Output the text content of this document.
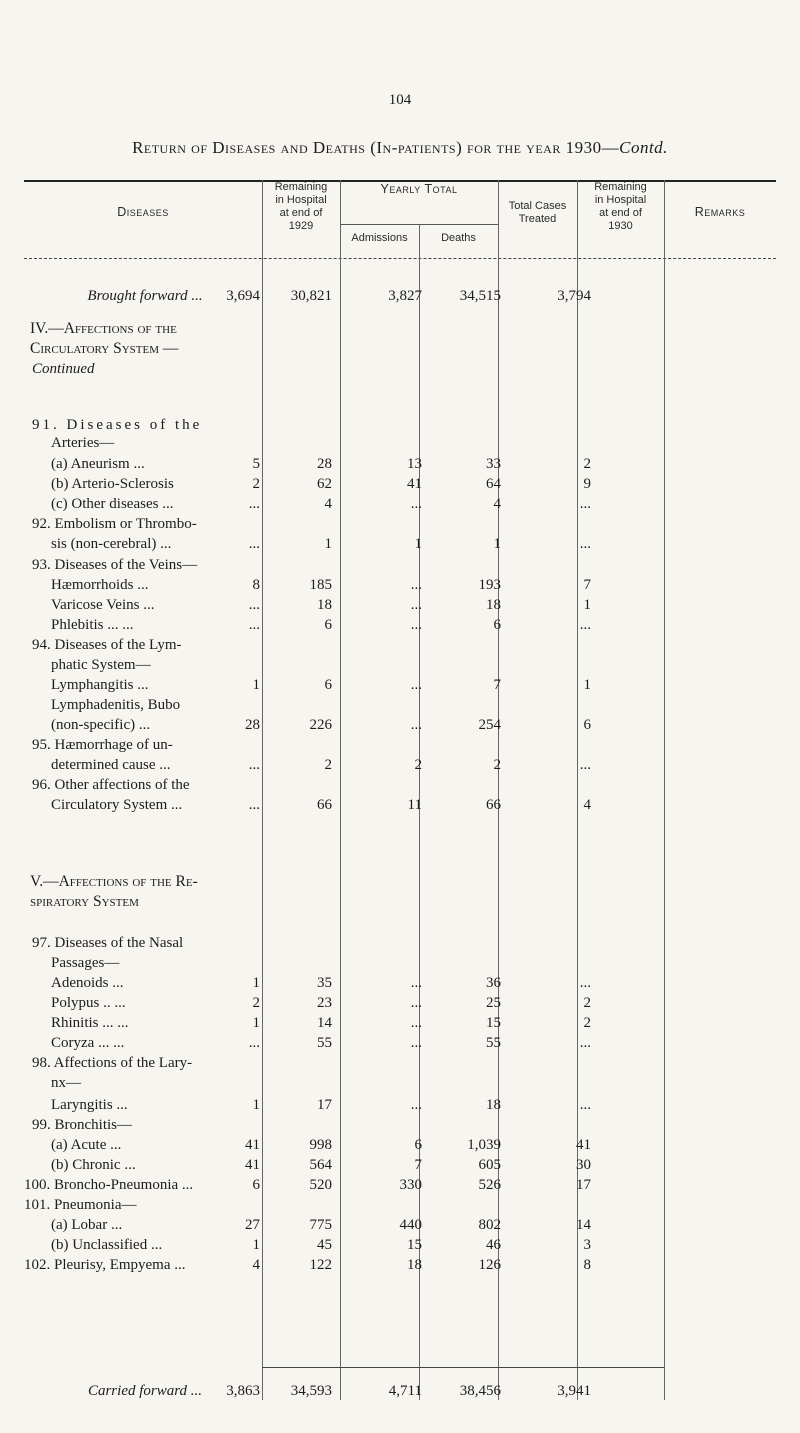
104
Return of Diseases and Deaths (In-patients) for the year 1930—Contd.
Diseases
Remaining
in Hospital
at end of
1929
Yearly Total
Admissions	Deaths
Total Cases
Treated
Remaining
in Hospital
at end of
1930
Remarks
Brought forward ...	3,694	30,821	3,827	34,515	3,794
IV.—Affections of the
Circulatory System —
Continued
91. Diseases of the
Arteries—
(a) Aneurism ...	5	28	13	33	2
(b) Arterio-Sclerosis	2	62	41	64	9
(c) Other diseases ...	...	4	...	4	...
92. Embolism or Thrombo-
sis (non-cerebral) ...	...	1	1	1	...
93. Diseases of the Veins—
Hæmorrhoids ...	8	185	...	193	7
Varicose Veins ...	...	18	...	18	1
Phlebitis ... ...	...	6	...	6	...
94. Diseases of the Lym-
phatic System—
Lymphangitis ...	1	6	...	7	1
Lymphadenitis, Bubo
(non-specific) ...	28	226	...	254	6
95. Hæmorrhage of un-
determined cause ...	...	2	2	2	...
96. Other affections of the
Circulatory System ...	...	66	11	66	4
V.—Affections of the Re-
spiratory System
97. Diseases of the Nasal
Passages—
Adenoids ...	1	35	...	36	...
Polypus .. ...	2	23	...	25	2
Rhinitis ... ...	1	14	...	15	2
Coryza ... ...	...	55	...	55	...
98. Affections of the Lary-
nx—
Laryngitis ...	1	17	...	18	...
99. Bronchitis—
(a) Acute ...	41	998	6	1,039	41
(b) Chronic ...	41	564	7	605	30
100. Broncho-Pneumonia ...	6	520	330	526	17
101. Pneumonia—
(a) Lobar ...	27	775	440	802	14
(b) Unclassified ...	1	45	15	46	3
102. Pleurisy, Empyema ...	4	122	18	126	8
Carried forward ...	3,863	34,593	4,711	38,456	3,941
